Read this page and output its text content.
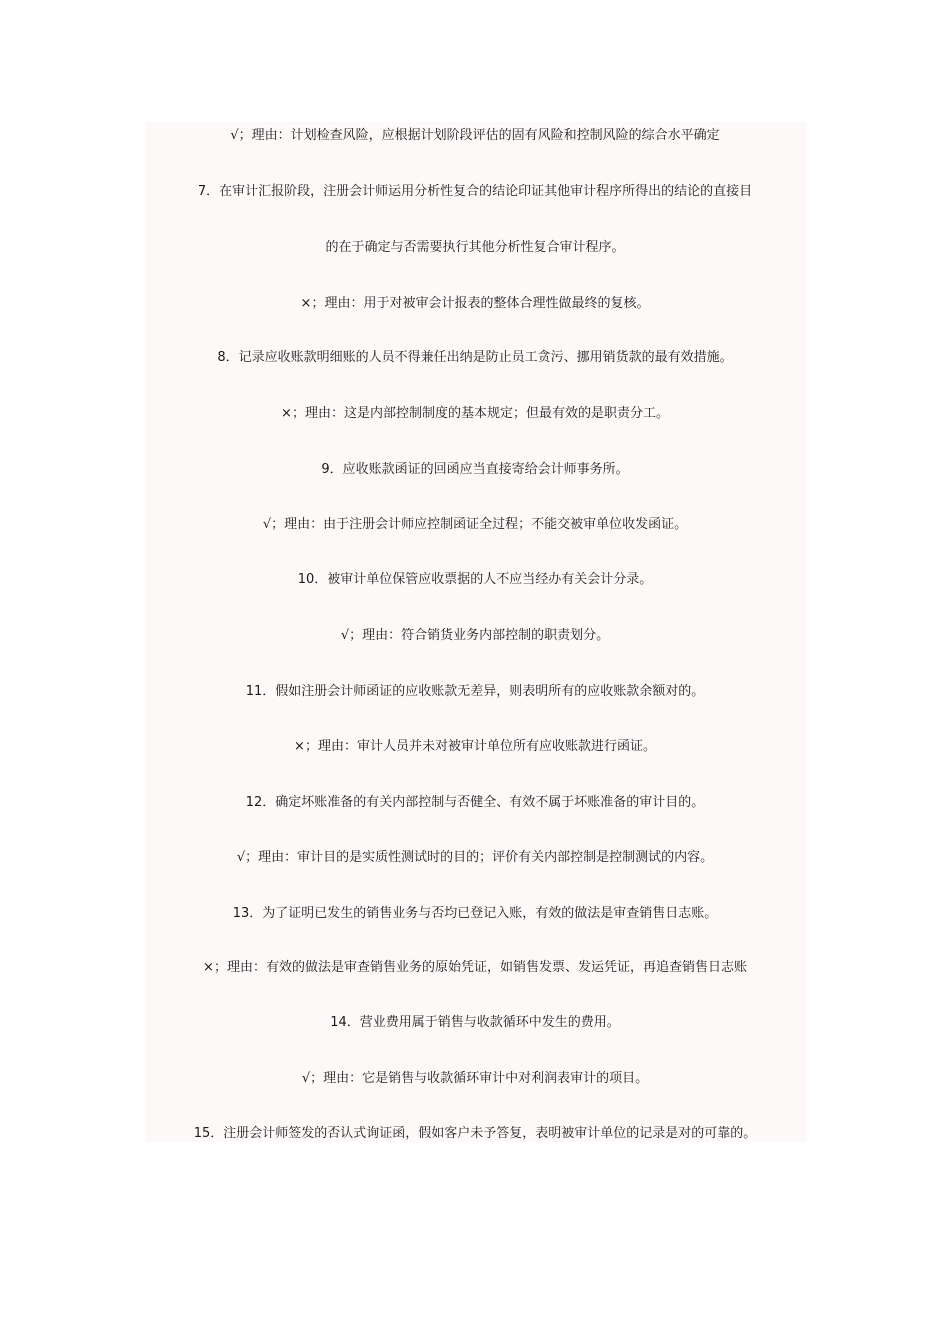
√；理由：计划检查风险，应根据计划阶段评估的固有风险和控制风险的综合水平确定
7．在审计汇报阶段，注册会计师运用分析性复合的结论印证其他审计程序所得出的结论的直接目
的在于确定与否需要执行其他分析性复合审计程序。
×；理由：用于对被审会计报表的整体合理性做最终的复核。
8．记录应收账款明细账的人员不得兼任出纳是防止员工贪污、挪用销货款的最有效措施。
×；理由：这是内部控制制度的基本规定；但最有效的是职责分工。
9．应收账款函证的回函应当直接寄给会计师事务所。
√；理由：由于注册会计师应控制函证全过程；不能交被审单位收发函证。
10．被审计单位保管应收票据的人不应当经办有关会计分录。
√；理由：符合销货业务内部控制的职责划分。
11．假如注册会计师函证的应收账款无差异，则表明所有的应收账款余额对的。
×；理由：审计人员并未对被审计单位所有应收账款进行函证。
12．确定坏账准备的有关内部控制与否健全、有效不属于坏账准备的审计目的。
√；理由：审计目的是实质性测试时的目的；评价有关内部控制是控制测试的内容。
13．为了证明已发生的销售业务与否均已登记入账，有效的做法是审查销售日志账。
×；理由：有效的做法是审查销售业务的原始凭证，如销售发票、发运凭证，再追查销售日志账
14．营业费用属于销售与收款循环中发生的费用。
√；理由：它是销售与收款循环审计中对利润表审计的项目。
15．注册会计师签发的否认式询证函，假如客户未予答复，表明被审计单位的记录是对的可靠的。
